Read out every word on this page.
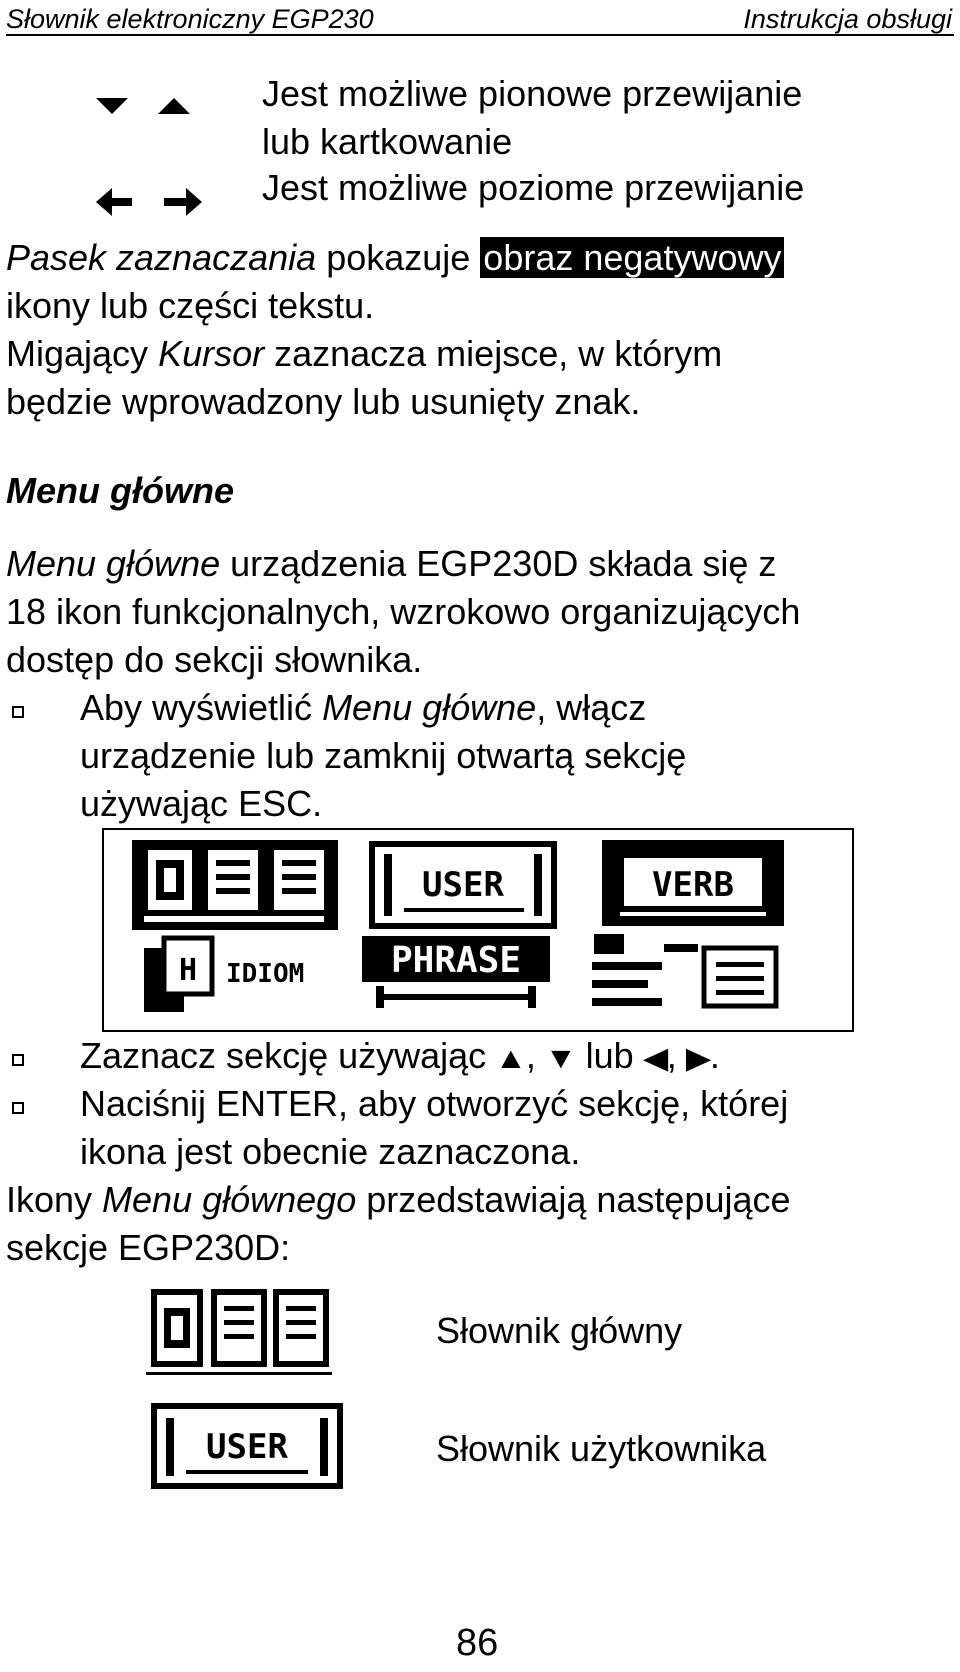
Słownik elektroniczny EGP230	Instrukcja obsługi
Jest możliwe pionowe przewijanie
lub kartkowanie
Jest możliwe poziome przewijanie
Pasek zaznaczania pokazuje obraz negatywowy
ikony lub części tekstu.
Migający Kursor zaznacza miejsce, w którym
będzie wprowadzony lub usunięty znak.
Menu główne
Menu główne urządzenia EGP230D składa się z
18 ikon funkcjonalnych, wzrokowo organizujących
dostęp do sekcji słownika.
Aby wyświetlić Menu główne, włącz
urządzenie lub zamknij otwartą sekcję
używając ESC.
USER	VERB
H IDIOM PHRASE
Zaznacz sekcję używając ▲, ▼ lub ◀, ▶.
Naciśnij ENTER, aby otworzyć sekcję, której
ikona jest obecnie zaznaczona.
Ikony Menu głównego przedstawiają następujące
sekcje EGP230D:
Słownik główny
USER	Słownik użytkownika
86
